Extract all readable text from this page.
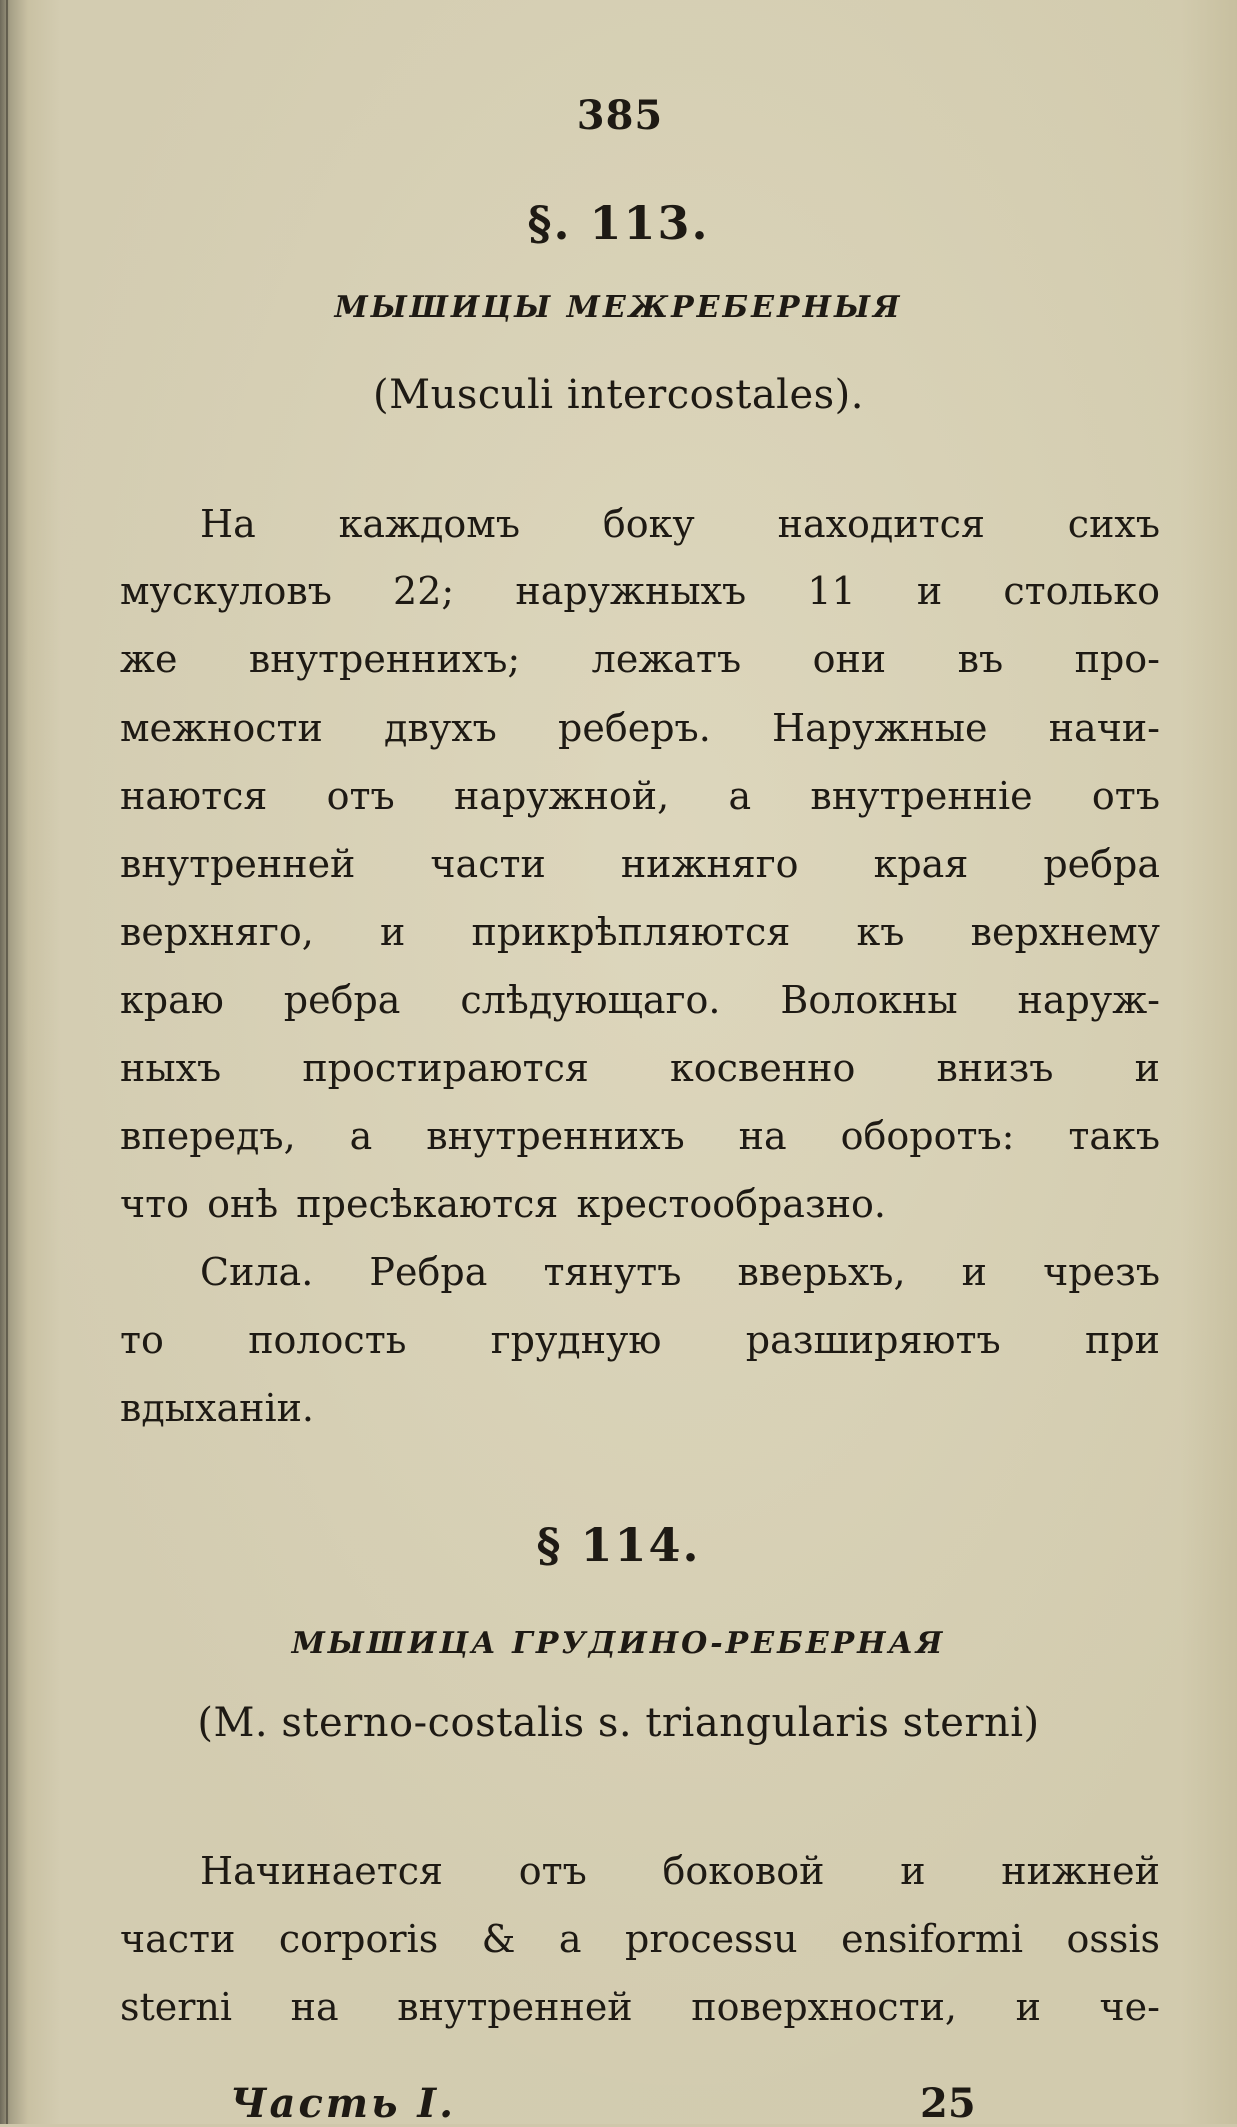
385
§. 113.
МЫШИЦЫ МЕЖРЕБЕРНЫЯ
(Musculi intercostales).
На каждомъ боку находится сихъ
мускуловъ 22; наружныхъ 11 и столько
же внутреннихъ; лежатъ они въ про-
межности двухъ реберъ. Наружные начи-
наются отъ наружной, а внутренніе отъ
внутренней части нижняго края ребра
верхняго, и прикрѣпляются къ верхнему
краю ребра слѣдующаго. Волокны наруж-
ныхъ простираются косвенно внизъ и
впередъ, а внутреннихъ на оборотъ: такъ
что онѣ пресѣкаются крестообразно.
Сила. Ребра тянутъ вверьхъ, и чрезъ
то полость грудную разширяютъ при
вдыханіи.
§ 114.
МЫШИЦА ГРУДИНО-РЕБЕРНАЯ
(M. sterno-costalis s. triangularis sterni)
Начинается отъ боковой и нижней
части corporis & a processu ensiformi ossis
sterni на внутренней поверхности, и че-
Часть I.	25
